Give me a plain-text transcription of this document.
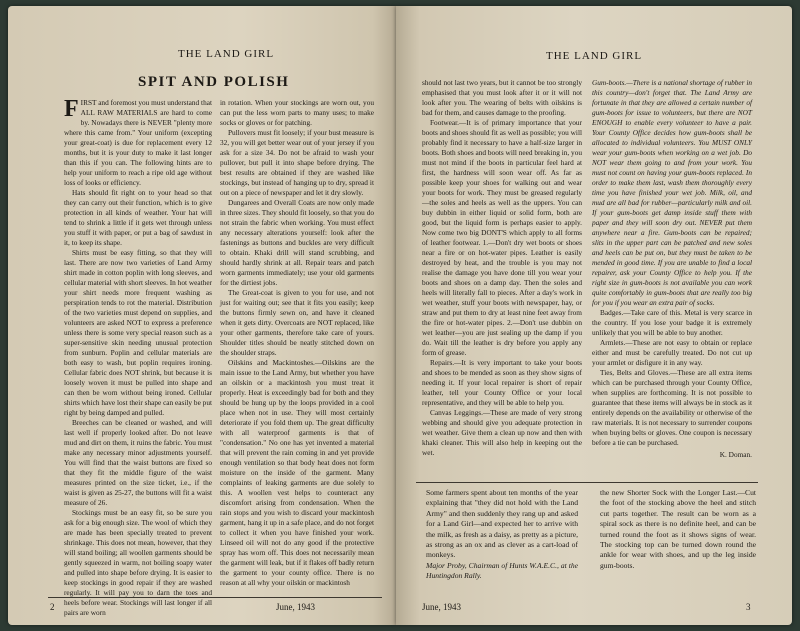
THE LAND GIRL
SPIT AND POLISH

FIRST and foremost you must understand that ALL RAW MATERIALS are hard to come by. Nowadays there is NEVER "plenty more where this came from." Your uniform (excepting your great-coat) is due for replacement every 12 months, but it is your duty to make it last longer than this if you can. The following hints are to help your uniform to reach a ripe old age without loss of looks or efficiency.

Hats should fit right on to your head so that they can carry out their function, which is to give protection in all kinds of weather. Your hat will tend to shrink a little if it gets wet through unless you stuff it with paper, or put a bag of sawdust in it, to keep its shape.

Shirts must be easy fitting, so that they will last. There are now two varieties of Land Army shirt made in cotton poplin with long sleeves, and cellular material with short sleeves. In hot weather your shirt needs more frequent washing as perspiration tends to rot the material. Distribution of the two varieties must depend on supplies, and volunteers are asked NOT to express a preference unless there is some very special reason such as a super-sensitive skin needing unusual protection from sunburn. Poplin and cellular materials are both easy to wash, but poplin requires ironing. Cellular fabric does NOT shrink, but because it is loosely woven it must be pulled into shape and can then be worn without being ironed. Cellular shirts which have lost their shape can easily be put right by being damped and pulled.

Breeches can be cleaned or washed, and will last well if properly looked after. Do not leave mud and dirt on them, it ruins the fabric. You must make any necessary minor adjustments yourself. You will find that the waist buttons are fixed so that they fit the middle figure of the waist measures printed on the size ticket, i.e., if the waist is given as 25-27, the buttons will fit a waist measure of 26.

Stockings must be an easy fit, so be sure you ask for a big enough size. The wool of which they are made has been specially treated to prevent shrinkage. This does not mean, however, that they will stand boiling; all woollen garments should be gently squeezed in warm, not boiling soapy water and pulled into shape before drying. It is easier to keep stockings in good repair if they are washed regularly. It will pay you to darn the toes and heels before wear. Stockings will last longer if all pairs are worn

in rotation. When your stockings are worn out, you can put the less worn parts to many uses; to make socks or gloves or for patching.

Pullovers must fit loosely; if your bust measure is 32, you will get better wear out of your jersey if you ask for a size 34. Do not be afraid to wash your pullover, but pull it into shape before drying. The best results are obtained if they are washed like stockings, but instead of hanging up to dry, spread it out on a piece of newspaper and let it dry slowly.

Dungarees and Overall Coats are now only made in three sizes. They should fit loosely, so that you do not strain the fabric when working. You must effect any necessary alterations yourself: look after the fastenings as buttons and buckles are very difficult to obtain. Khaki drill will stand scrubbing, and should hardly shrink at all. Repair tears and patch worn garments immediately; use your old garments for the dirtiest jobs.

The Great-coat is given to you for use, and not just for waiting out; see that it fits you easily; keep the buttons firmly sewn on, and have it cleaned when it gets dirty. Overcoats are NOT replaced, like your other garments, therefore take care of yours. Shoulder titles should be neatly stitched down on the shoulder straps.

Oilskins and Mackintoshes.—Oilskins are the main issue to the Land Army, but whether you have an oilskin or a mackintosh you must treat it properly. Heat is exceedingly bad for both and they should be hung up by the loops provided in a cool place when not in use. They will most certainly deteriorate if you fold them up. The great difficulty with all waterproof garments is that of "condensation." No one has yet invented a material that will prevent the rain coming in and yet provide enough ventilation so that body heat does not form moisture on the inside of the garment. Many complaints of leaking garments are due solely to this. A woollen vest helps to counteract any discomfort arising from condensation. When the rain stops and you wish to discard your mackintosh garment, hang it up in a safe place, and do not forget to collect it when you have finished your work. Linseed oil will not do any good if the protective spray has worn off. This does not necessarily mean the garment will leak, but if it flakes off badly return the garment to your county office. There is no reason at all why your oilskin or mackintosh

2	June, 1943
THE LAND GIRL

should not last two years, but it cannot be too strongly emphasised that you must look after it or it will not look after you. The wearing of belts with oilskins is bad for them, and causes damage to the proofing.

Footwear.—It is of primary importance that your boots and shoes should fit as well as possible; you will probably find it necessary to have a half-size larger in boots. Both shoes and boots will need breaking in, you must not mind if the boots in particular feel hard at first, the hardness will soon wear off. As far as possible keep your shoes for walking out and wear your boots for work. They must be greased regularly—the soles and heels as well as the uppers. You can buy dubbin in either liquid or solid form, both are good, but the liquid form is perhaps easier to apply. Now come two big DONT'S which apply to all forms of leather footwear. 1.—Don't dry wet boots or shoes near a fire or on hot-water pipes. Leather is easily destroyed by heat, and the trouble is you may not realise the damage you have done till you wear your boots and shoes on a damp day. Then the soles and heels will literally fall to pieces. After a day's work in wet weather, stuff your boots with newspaper, hay, or straw and put them to dry at least nine feet away from the fire or hot-water pipes. 2.—Don't use dubbin on wet leather—you are just sealing up the damp if you do. Wait till the leather is dry before you apply any form of grease.

Repairs.—It is very important to take your boots and shoes to be mended as soon as they show signs of needing it. If your local repairer is short of repair leather, tell your County Office or your local representative, and they will be able to help you.

Canvas Leggings.—These are made of very strong webbing and should give you adequate protection in wet weather. Give them a clean up now and then with khaki cleaner. This will also help in keeping out the wet.

Gum-boots.—There is a national shortage of rubber in this country—don't forget that. The Land Army are fortunate in that they are allowed a certain number of gum-boots for issue to volunteers, but there are NOT ENOUGH to enable every volunteer to have a pair. Your County Office decides how gum-boots shall be allocated to individual volunteers. You MUST ONLY wear your gum-boots when working on a wet job. Do NOT wear them going to and from your work. You must not count on having your gum-boots replaced. In order to make them last, wash them thoroughly every time you have finished your wet job. Milk, oil, and mud are all bad for rubber—particularly milk and oil. If your gum-boots get damp inside stuff them with paper and they will soon dry out. NEVER put them anywhere near a fire. Gum-boots can be repaired; slits in the upper part can be patched and new soles and heels can be put on, but they must be taken to be mended in good time. If you are unable to find a local repairer, ask your County Office to help you. If the right size in gum-boots is not available you can work quite comfortably in gum-boots that are really too big for you if you wear an extra pair of socks.

Badges.—Take care of this. Metal is very scarce in the country. If you lose your badge it is extremely unlikely that you will be able to buy another.

Armlets.—These are not easy to obtain or replace either and must be carefully treated. Do not cut up your armlet or disfigure it in any way.

Ties, Belts and Gloves.—These are all extra items which can be purchased through your County Office, when supplies are forthcoming. It is not possible to guarantee that these items will always be in stock as it entirely depends on the availability or otherwise of the raw materials. It is not necessary to surrender coupons when buying belts or gloves. One coupon is necessary before a tie can be purchased.

K. Doman.

Some farmers spent about ten months of the year explaining that "they did not hold with the Land Army" and then suddenly they rang up and asked for a Land Girl—and expected her to arrive with the milk, as fresh as a daisy, as pretty as a picture, as strong as an ox and as clever as a cart-load of monkeys.

Major Proby, Chairman of Hunts W.A.E.C., at the Huntingdon Rally.

the new Shorter Sock with the Longer Last.—Cut the foot of the stocking above the heel and stitch cut parts together. The result can be worn as a spiral sock as there is no definite heel, and can be turned round the foot as it shows signs of wear. The stocking top can be turned down round the ankle for wear with shoes, and up the leg inside gum-boots.

June, 1943	3
